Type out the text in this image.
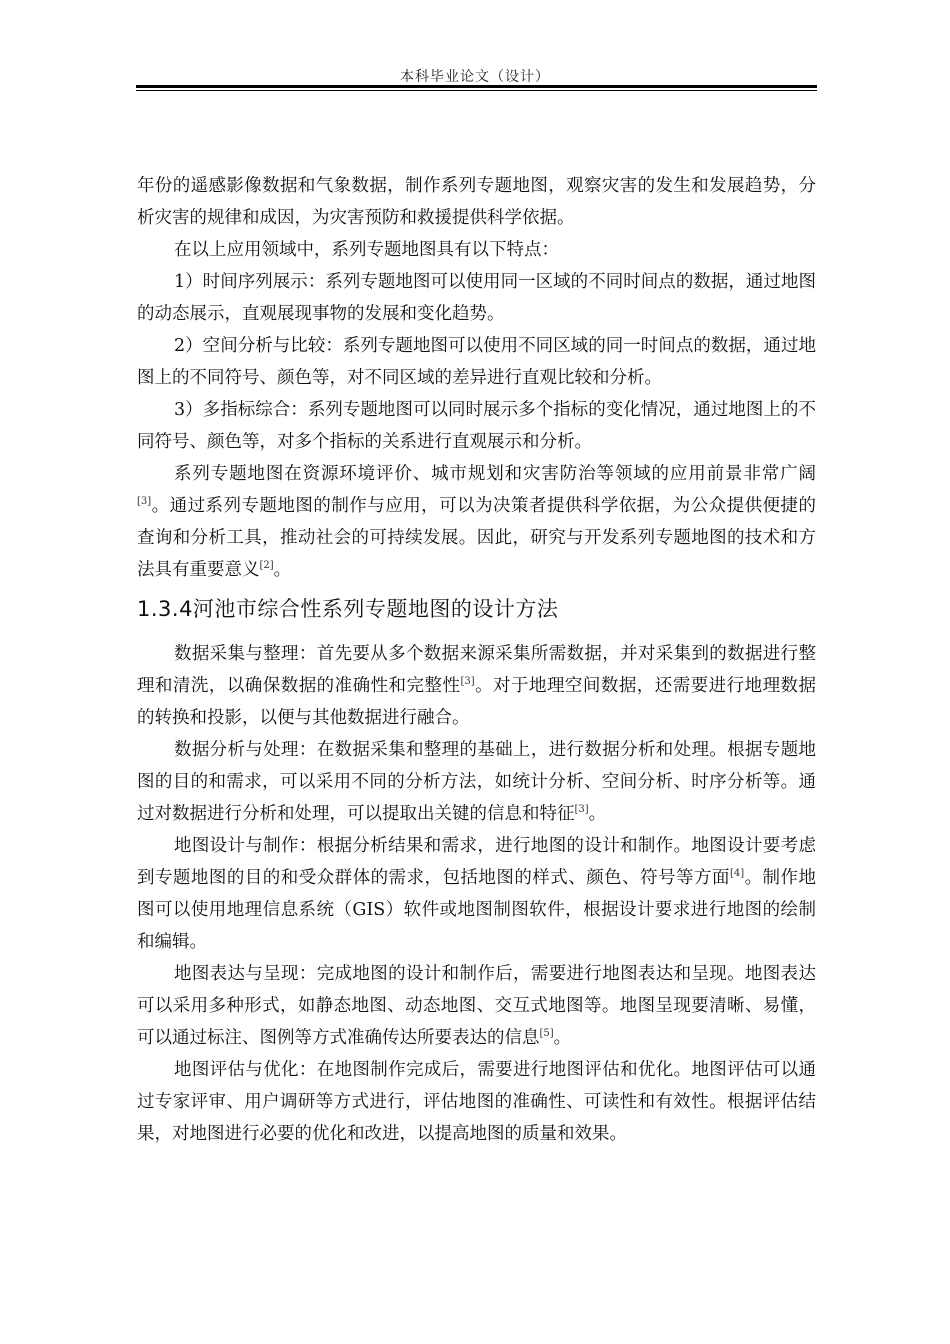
本科毕业论文（设计）

年份的遥感影像数据和气象数据，制作系列专题地图，观察灾害的发生和发展趋势，分析灾害的规律和成因，为灾害预防和救援提供科学依据。

在以上应用领域中，系列专题地图具有以下特点：

1）时间序列展示：系列专题地图可以使用同一区域的不同时间点的数据，通过地图的动态展示，直观展现事物的发展和变化趋势。

2）空间分析与比较：系列专题地图可以使用不同区域的同一时间点的数据，通过地图上的不同符号、颜色等，对不同区域的差异进行直观比较和分析。

3）多指标综合：系列专题地图可以同时展示多个指标的变化情况，通过地图上的不同符号、颜色等，对多个指标的关系进行直观展示和分析。

系列专题地图在资源环境评价、城市规划和灾害防治等领域的应用前景非常广阔[3]。通过系列专题地图的制作与应用，可以为决策者提供科学依据，为公众提供便捷的查询和分析工具，推动社会的可持续发展。因此，研究与开发系列专题地图的技术和方法具有重要意义[2]。

1.3.4河池市综合性系列专题地图的设计方法

数据采集与整理：首先要从多个数据来源采集所需数据，并对采集到的数据进行整理和清洗，以确保数据的准确性和完整性[3]。对于地理空间数据，还需要进行地理数据的转换和投影，以便与其他数据进行融合。

数据分析与处理：在数据采集和整理的基础上，进行数据分析和处理。根据专题地图的目的和需求，可以采用不同的分析方法，如统计分析、空间分析、时序分析等。通过对数据进行分析和处理，可以提取出关键的信息和特征[3]。

地图设计与制作：根据分析结果和需求，进行地图的设计和制作。地图设计要考虑到专题地图的目的和受众群体的需求，包括地图的样式、颜色、符号等方面[4]。制作地图可以使用地理信息系统（GIS）软件或地图制图软件，根据设计要求进行地图的绘制和编辑。

地图表达与呈现：完成地图的设计和制作后，需要进行地图表达和呈现。地图表达可以采用多种形式，如静态地图、动态地图、交互式地图等。地图呈现要清晰、易懂，可以通过标注、图例等方式准确传达所要表达的信息[5]。

地图评估与优化：在地图制作完成后，需要进行地图评估和优化。地图评估可以通过专家评审、用户调研等方式进行，评估地图的准确性、可读性和有效性。根据评估结果，对地图进行必要的优化和改进，以提高地图的质量和效果。
